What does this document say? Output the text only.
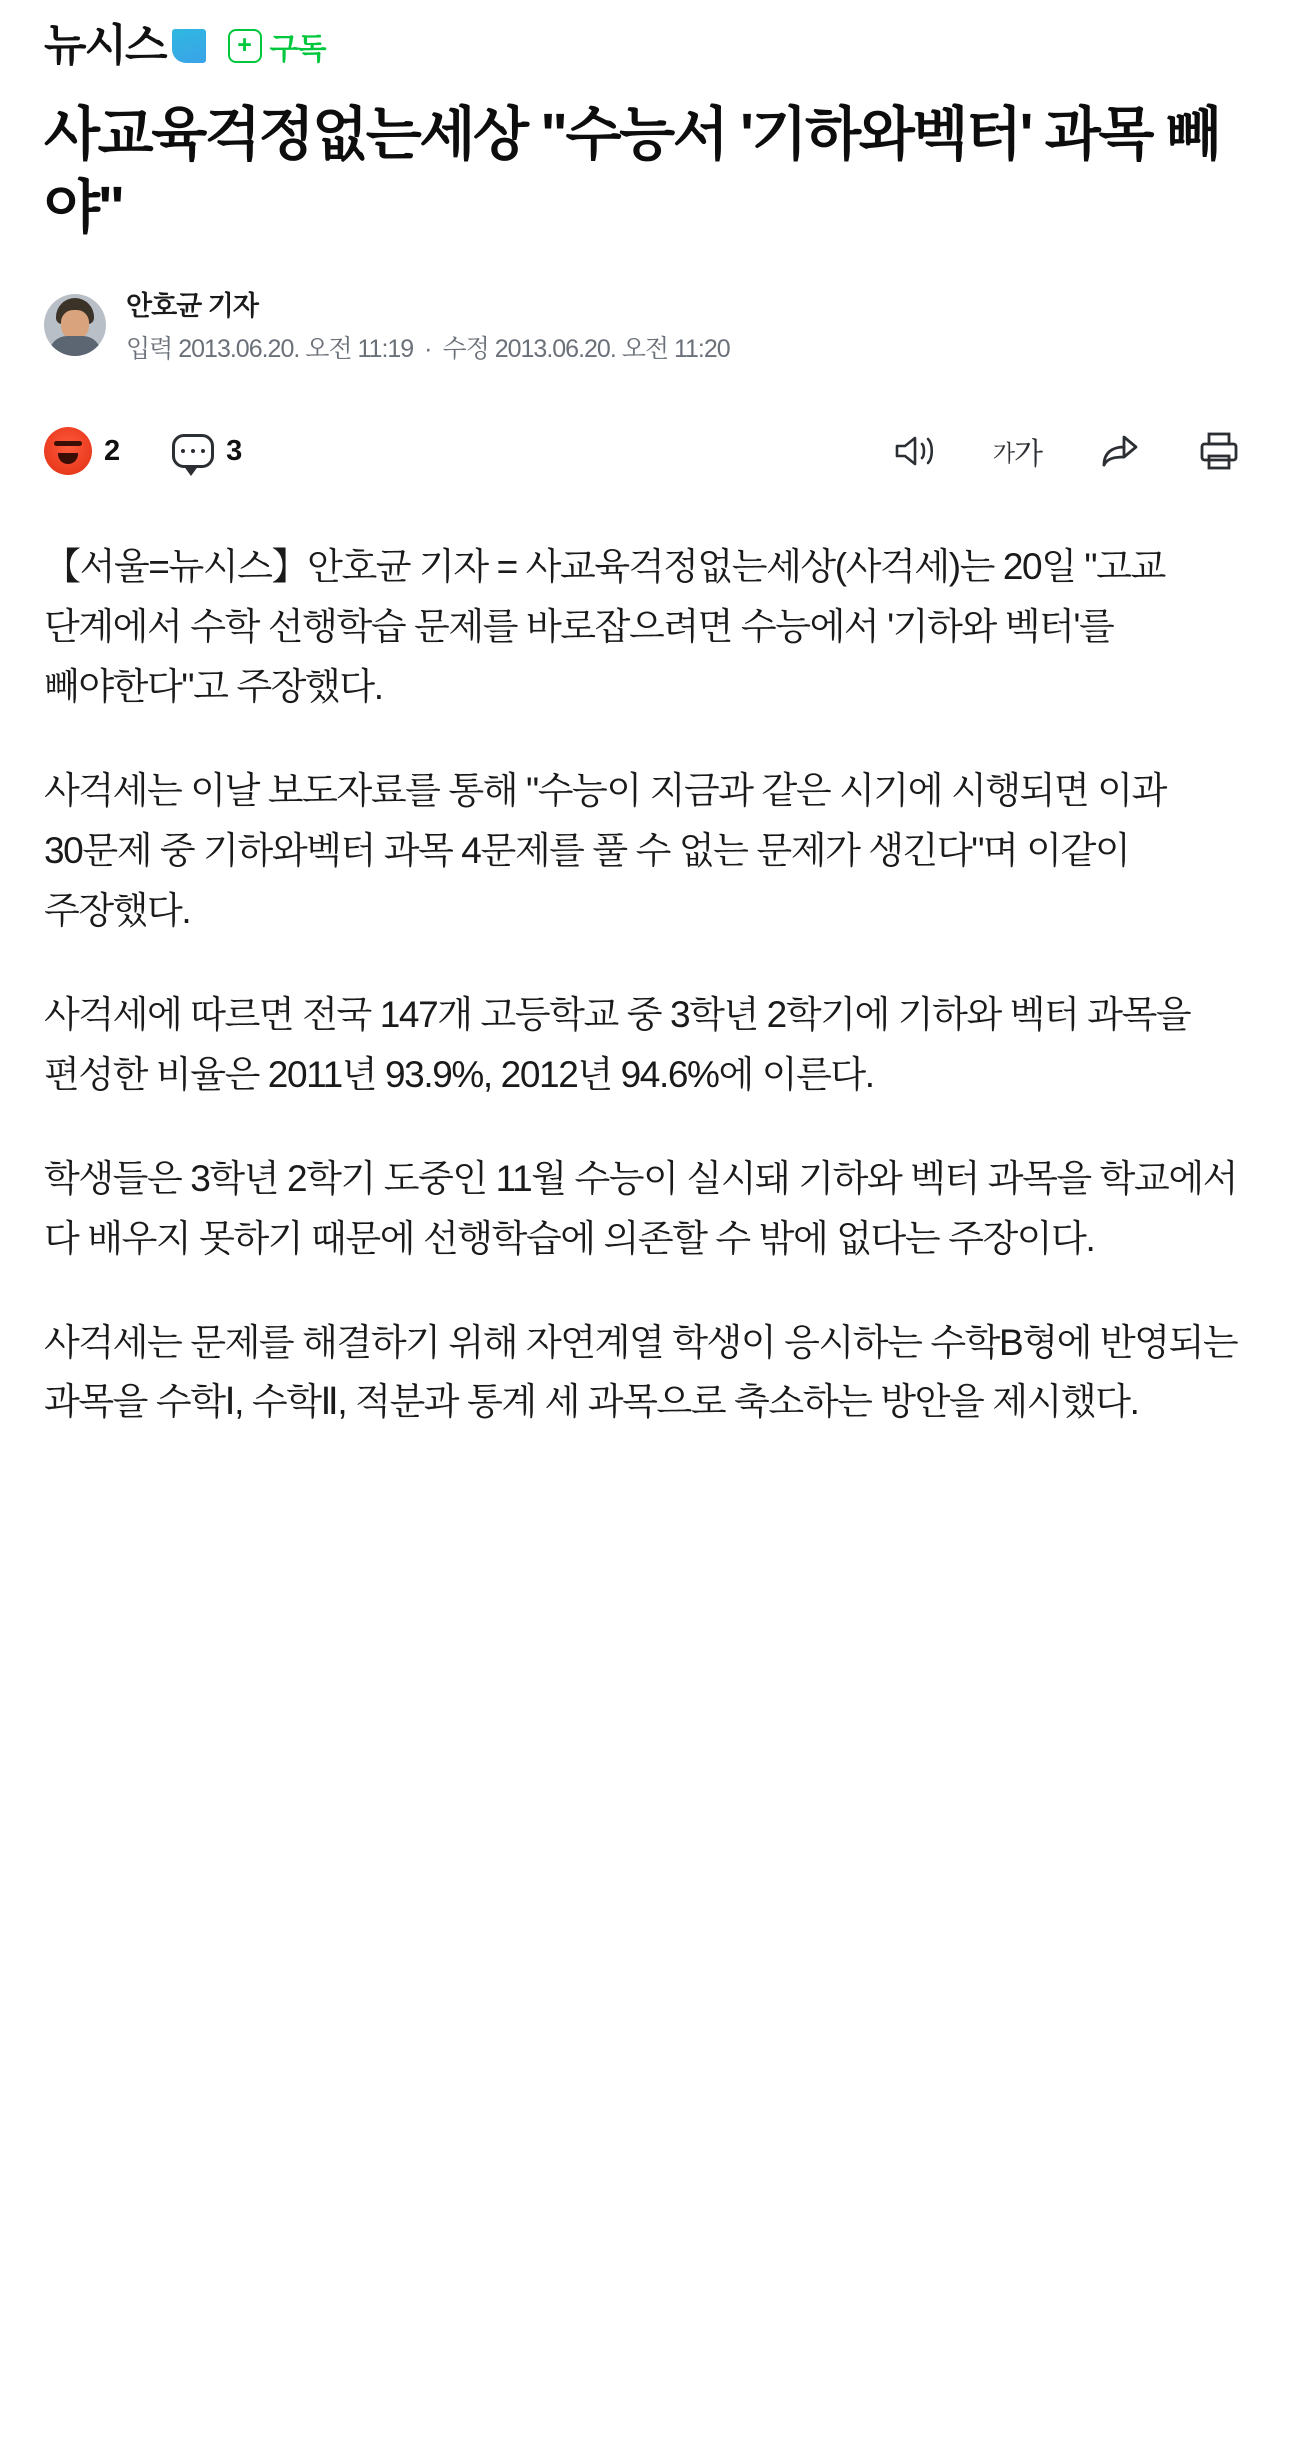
뉴시스	+ 구독
사교육걱정없는세상 "수능서 '기하와벡터' 과목 빼야"
안호균 기자
입력 2013.06.20. 오전 11:19 · 수정 2013.06.20. 오전 11:20
2	3	가 가

【서울=뉴시스】안호균 기자 = 사교육걱정없는세상(사걱세)는 20일 "고교 단계에서 수학 선행학습 문제를 바로잡으려면 수능에서 '기하와 벡터'를 빼야한다"고 주장했다.

사걱세는 이날 보도자료를 통해 "수능이 지금과 같은 시기에 시행되면 이과 30문제 중 기하와벡터 과목 4문제를 풀 수 없는 문제가 생긴다"며 이같이 주장했다.

사걱세에 따르면 전국 147개 고등학교 중 3학년 2학기에 기하와 벡터 과목을 편성한 비율은 2011년 93.9%, 2012년 94.6%에 이른다.

학생들은 3학년 2학기 도중인 11월 수능이 실시돼 기하와 벡터 과목을 학교에서 다 배우지 못하기 때문에 선행학습에 의존할 수 밖에 없다는 주장이다.

사걱세는 문제를 해결하기 위해 자연계열 학생이 응시하는 수학B형에 반영되는 과목을 수학Ⅰ, 수학Ⅱ, 적분과 통계 세 과목으로 축소하는 방안을 제시했다.
